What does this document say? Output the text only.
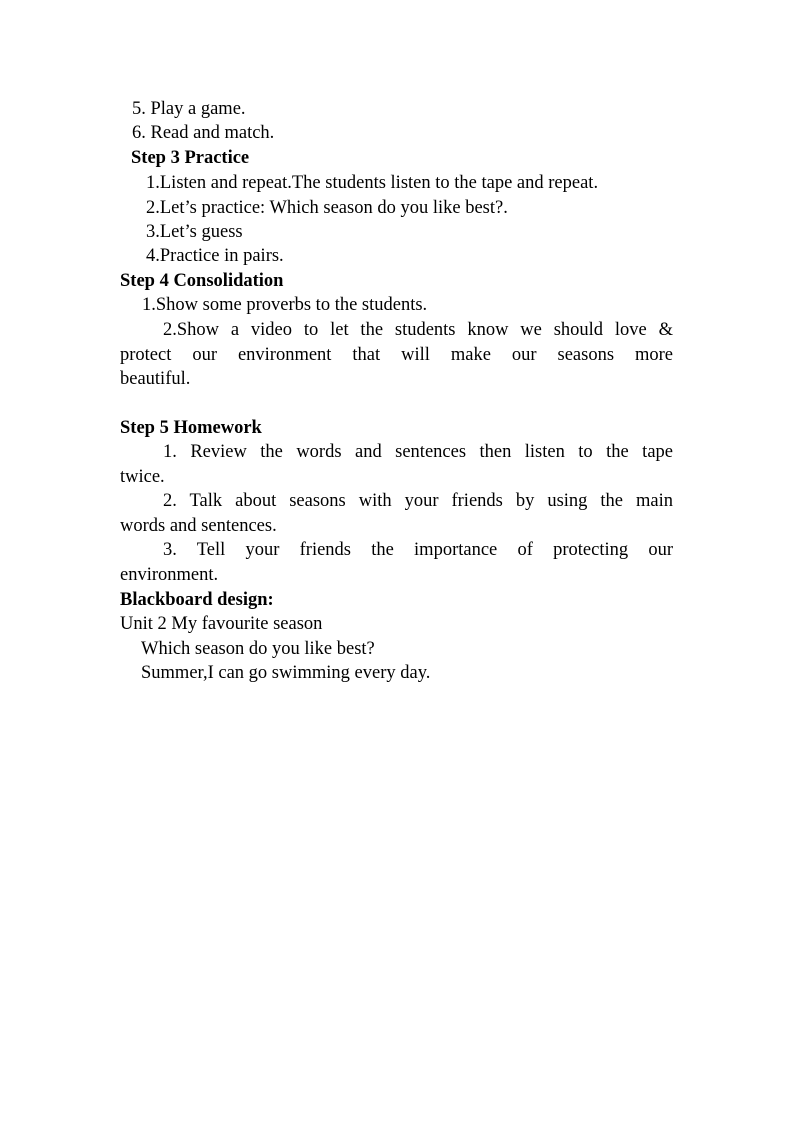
5. Play a game.
6. Read and match.
Step 3 Practice
1.Listen and repeat.The students listen to the tape and repeat.
2.Let’s practice: Which season do you like best?.
3.Let’s guess
4.Practice in pairs.
Step 4 Consolidation
1.Show some proverbs to the students.
2.Show a video to let the students know we should love &
protect our environment that will make our seasons more
beautiful.
Step 5 Homework
1. Review the words and sentences then listen to the tape
twice.
2. Talk about seasons with your friends by using the main
words and sentences.
3. Tell your friends the importance of protecting our
environment.
Blackboard design:
Unit 2 My favourite season
Which season do you like best?
Summer,I can go swimming every day.
